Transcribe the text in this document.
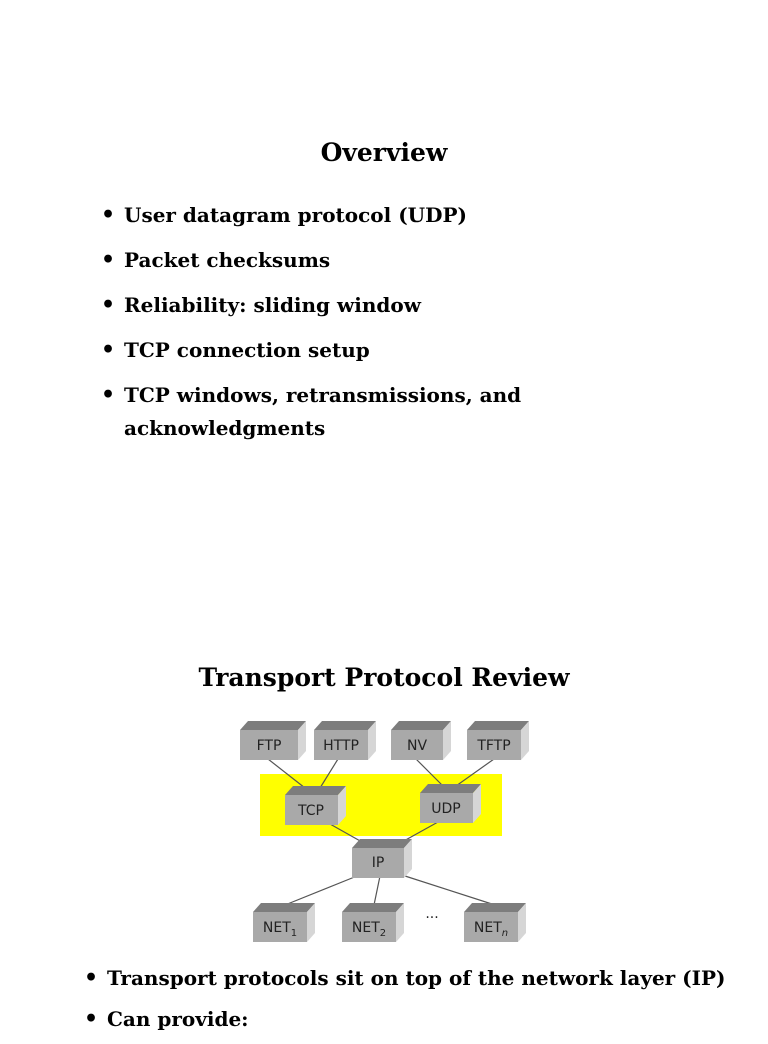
Overview
• User datagram protocol (UDP)
• Packet checksums
• Reliability: sliding window
• TCP connection setup
• TCP windows, retransmissions, and acknowledgments
Transport Protocol Review
FTP	HTTP	NV	TFTP
TCP	UDP
IP
$NET_1$	$NET_2$
...
$NET_n$
• Transport protocols sit on top of the network layer (IP)
• Can provide:
